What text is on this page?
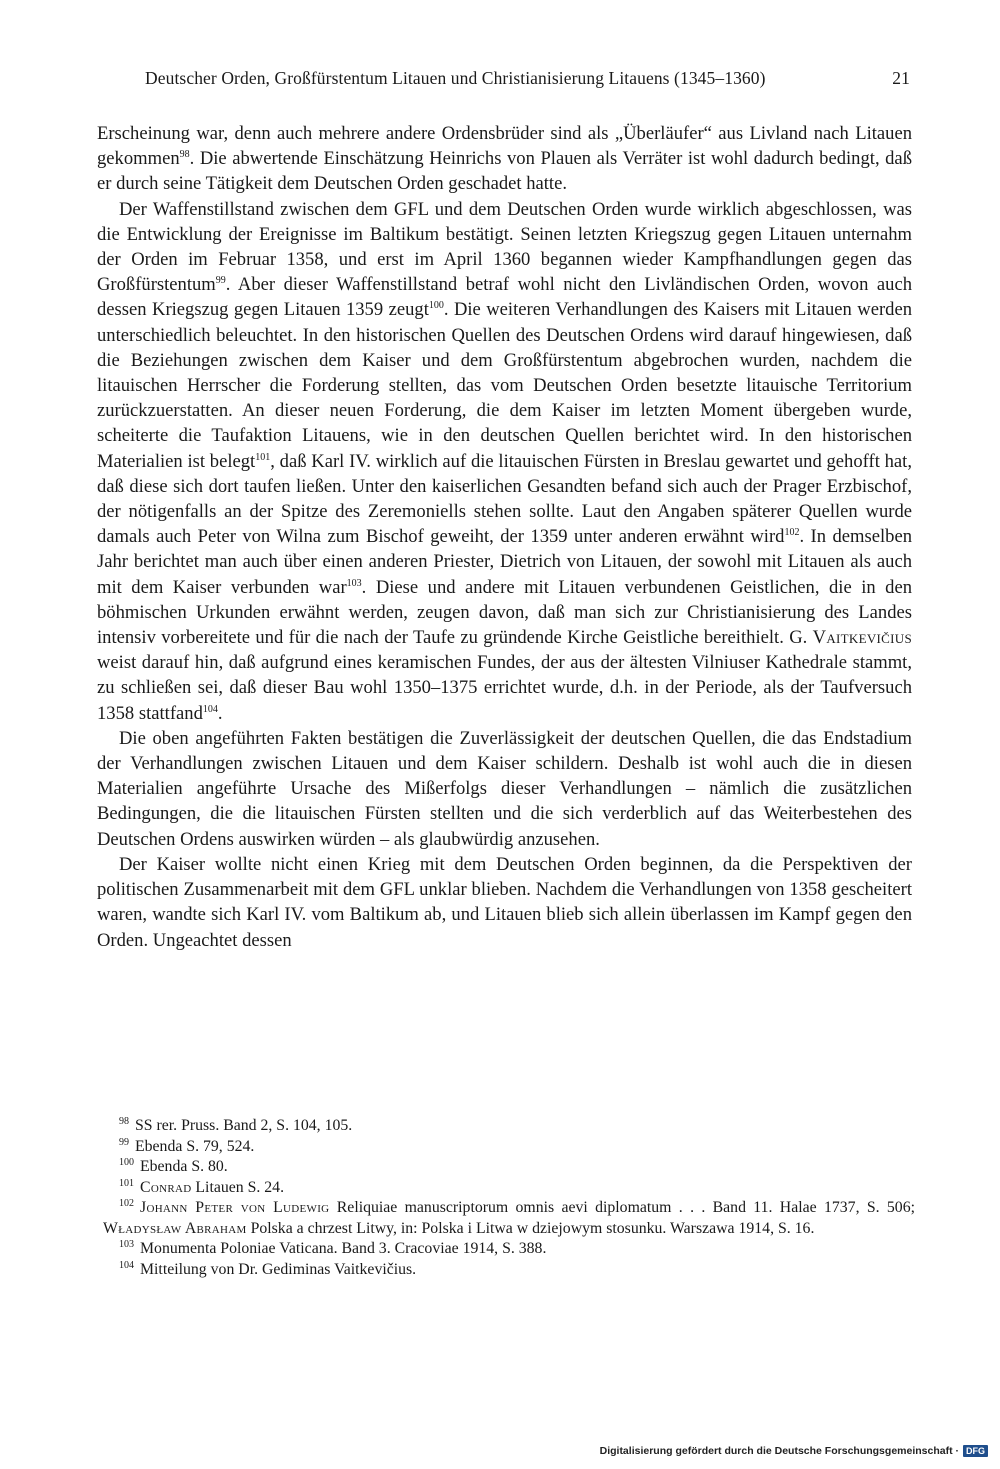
Deutscher Orden, Großfürstentum Litauen und Christianisierung Litauens (1345–1360)	21

Erscheinung war, denn auch mehrere andere Ordensbrüder sind als „Überläufer“ aus Livland nach Litauen gekommen$^{98}$. Die abwertende Einschätzung Heinrichs von Plauen als Verräter ist wohl dadurch bedingt, daß er durch seine Tätigkeit dem Deutschen Orden geschadet hatte.

Der Waffenstillstand zwischen dem GFL und dem Deutschen Orden wurde wirklich abgeschlossen, was die Entwicklung der Ereignisse im Baltikum bestätigt. Seinen letzten Kriegszug gegen Litauen unternahm der Orden im Februar 1358, und erst im April 1360 begannen wieder Kampfhandlungen gegen das Großfürstentum$^{99}$. Aber dieser Waffenstillstand betraf wohl nicht den Livländischen Orden, wovon auch dessen Kriegszug gegen Litauen 1359 zeugt$^{100}$. Die weiteren Verhandlungen des Kaisers mit Litauen werden unterschiedlich beleuchtet. In den historischen Quellen des Deutschen Ordens wird darauf hingewiesen, daß die Beziehungen zwischen dem Kaiser und dem Großfürstentum abgebrochen wurden, nachdem die litauischen Herrscher die Forderung stellten, das vom Deutschen Orden besetzte litauische Territorium zurückzuerstatten. An dieser neuen Forderung, die dem Kaiser im letzten Moment übergeben wurde, scheiterte die Taufaktion Litauens, wie in den deutschen Quellen berichtet wird. In den historischen Materialien ist belegt$^{101}$, daß Karl IV. wirklich auf die litauischen Fürsten in Breslau gewartet und gehofft hat, daß diese sich dort taufen ließen. Unter den kaiserlichen Gesandten befand sich auch der Prager Erzbischof, der nötigenfalls an der Spitze des Zeremoniells stehen sollte. Laut den Angaben späterer Quellen wurde damals auch Peter von Wilna zum Bischof geweiht, der 1359 unter anderen erwähnt wird$^{102}$. In demselben Jahr berichtet man auch über einen anderen Priester, Dietrich von Litauen, der sowohl mit Litauen als auch mit dem Kaiser verbunden war$^{103}$. Diese und andere mit Litauen verbundenen Geistlichen, die in den böhmischen Urkunden erwähnt werden, zeugen davon, daß man sich zur Christianisierung des Landes intensiv vorbereitete und für die nach der Taufe zu gründende Kirche Geistliche bereithielt. G. Vaitkevičius weist darauf hin, daß aufgrund eines keramischen Fundes, der aus der ältesten Vilniuser Kathedrale stammt, zu schließen sei, daß dieser Bau wohl 1350–1375 errichtet wurde, d.h. in der Periode, als der Taufversuch 1358 stattfand$^{104}$.

Die oben angeführten Fakten bestätigen die Zuverlässigkeit der deutschen Quellen, die das Endstadium der Verhandlungen zwischen Litauen und dem Kaiser schildern. Deshalb ist wohl auch die in diesen Materialien angeführte Ursache des Mißerfolgs dieser Verhandlungen – nämlich die zusätzlichen Bedingungen, die die litauischen Fürsten stellten und die sich verderblich auf das Weiterbestehen des Deutschen Ordens auswirken würden – als glaubwürdig anzusehen.

Der Kaiser wollte nicht einen Krieg mit dem Deutschen Orden beginnen, da die Perspektiven der politischen Zusammenarbeit mit dem GFL unklar blieben. Nachdem die Verhandlungen von 1358 gescheitert waren, wandte sich Karl IV. vom Baltikum ab, und Litauen blieb sich allein überlassen im Kampf gegen den Orden. Ungeachtet dessen

$^{98}$ SS rer. Pruss. Band 2, S. 104, 105.

$^{99}$ Ebenda S. 79, 524.

$^{100}$ Ebenda S. 80.

$^{101}$ Conrad Litauen S. 24.

$^{102}$ Johann Peter von Ludewig Reliquiae manuscriptorum omnis aevi diplomatum . . . Band 11. Halae 1737, S. 506; Władysław Abraham Polska a chrzest Litwy, in: Polska i Litwa w dziejowym stosunku. Warszawa 1914, S. 16.

$^{103}$ Monumenta Poloniae Vaticana. Band 3. Cracoviae 1914, S. 388.

$^{104}$ Mitteilung von Dr. Gediminas Vaitkevičius.

Digitalisierung gefördert durch die Deutsche Forschungsgemeinschaft · DFG
